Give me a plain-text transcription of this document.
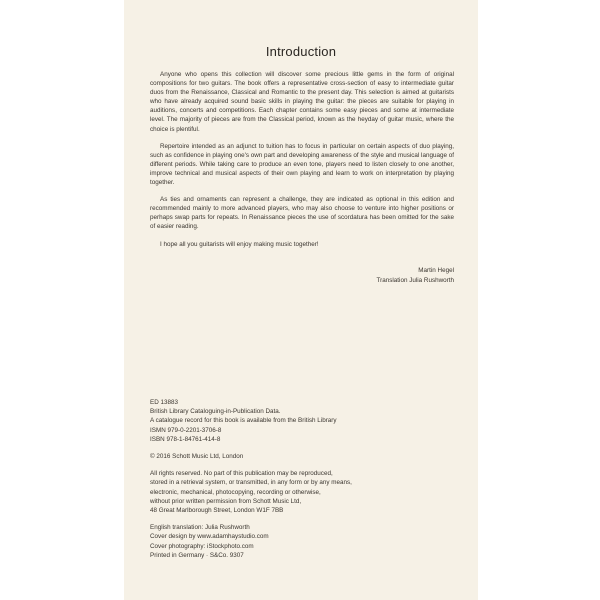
Introduction

Anyone who opens this collection will discover some precious little gems in the form of original compositions for two guitars. The book offers a representative cross-section of easy to intermediate guitar duos from the Renaissance, Classical and Romantic to the present day. This selection is aimed at guitarists who have already acquired sound basic skills in playing the guitar: the pieces are suitable for playing in auditions, concerts and competitions. Each chapter contains some easy pieces and some at intermediate level. The majority of pieces are from the Classical period, known as the heyday of guitar music, where the choice is plentiful.

Repertoire intended as an adjunct to tuition has to focus in particular on certain aspects of duo playing, such as confidence in playing one's own part and developing awareness of the style and musical language of different periods. While taking care to produce an even tone, players need to listen closely to one another, improve technical and musical aspects of their own playing and learn to work on interpretation by playing together.

As ties and ornaments can represent a challenge, they are indicated as optional in this edition and recommended mainly to more advanced players, who may also choose to venture into higher positions or perhaps swap parts for repeats. In Renaissance pieces the use of scordatura has been omitted for the sake of easier reading.

I hope all you guitarists will enjoy making music together!

Martin Hegel
Translation Julia Rushworth
ED 13883
British Library Cataloguing-in-Publication Data.
A catalogue record for this book is available from the British Library
ISMN 979-0-2201-3706-8
ISBN 978-1-84761-414-8
© 2016 Schott Music Ltd, London
All rights reserved. No part of this publication may be reproduced,
stored in a retrieval system, or transmitted, in any form or by any means,
electronic, mechanical, photocopying, recording or otherwise,
without prior written permission from Schott Music Ltd,
48 Great Marlborough Street, London W1F 7BB
English translation: Julia Rushworth
Cover design by www.adamhaystudio.com
Cover photography: iStockphoto.com
Printed in Germany · S&Co. 9307
